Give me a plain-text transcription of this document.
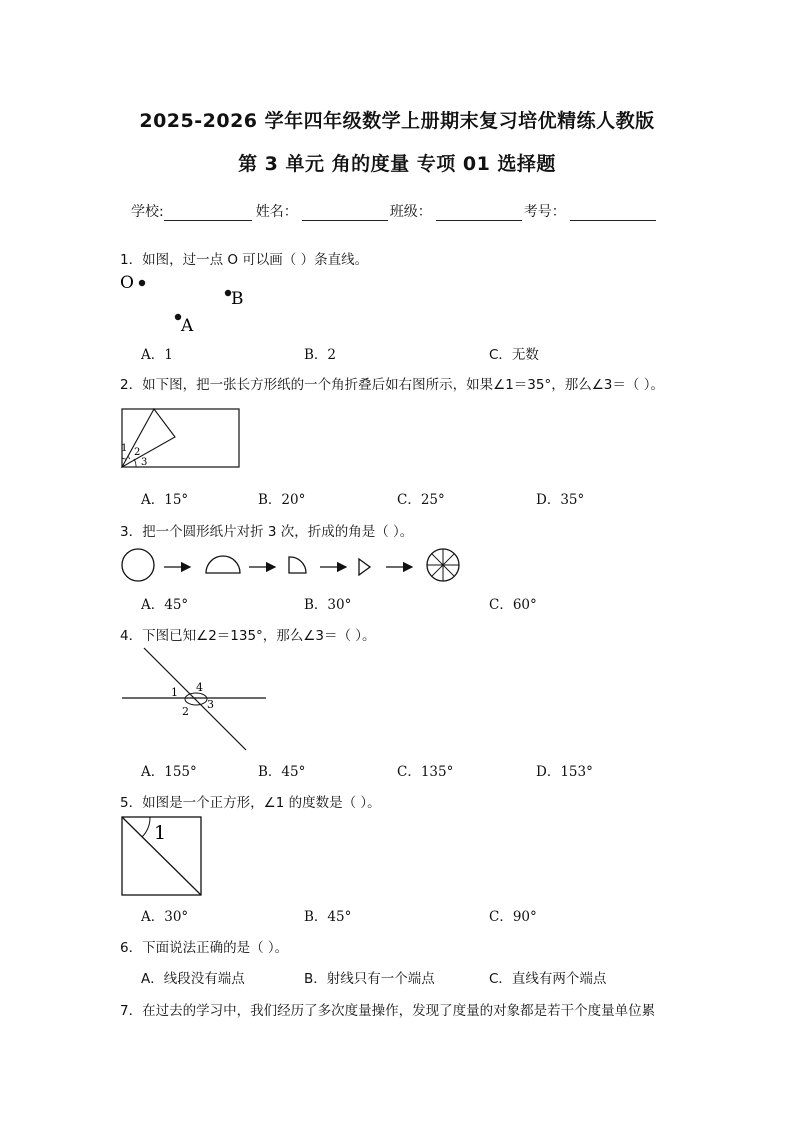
2025-2026 学年四年级数学上册期末复习培优精练人教版
第 3 单元 角的度量 专项 01 选择题
学校:	姓名：	班级：	考号：
1．如图，过一点 O 可以画（ ）条直线。
O
B
A
A．1	B．2	C．无数
2．如下图，把一张长方形纸的一个角折叠后如右图所示，如果∠1＝35°，那么∠3＝（ ）。
1 2
3
A．15°	B．20°	C．25°	D．35°
3．把一个圆形纸片对折 3 次，折成的角是（ ）。
A．45°	B．30°	C．60°
4．下图已知∠2＝135°，那么∠3＝（ ）。
1 4
2
3
A．155°	B．45°	C．135°	D．153°
5．如图是一个正方形，∠1 的度数是（ ）。
1
A．30°	B．45°	C．90°
6．下面说法正确的是（ ）。
A．线段没有端点	B．射线只有一个端点	C．直线有两个端点
7．在过去的学习中，我们经历了多次度量操作，发现了度量的对象都是若干个度量单位累
